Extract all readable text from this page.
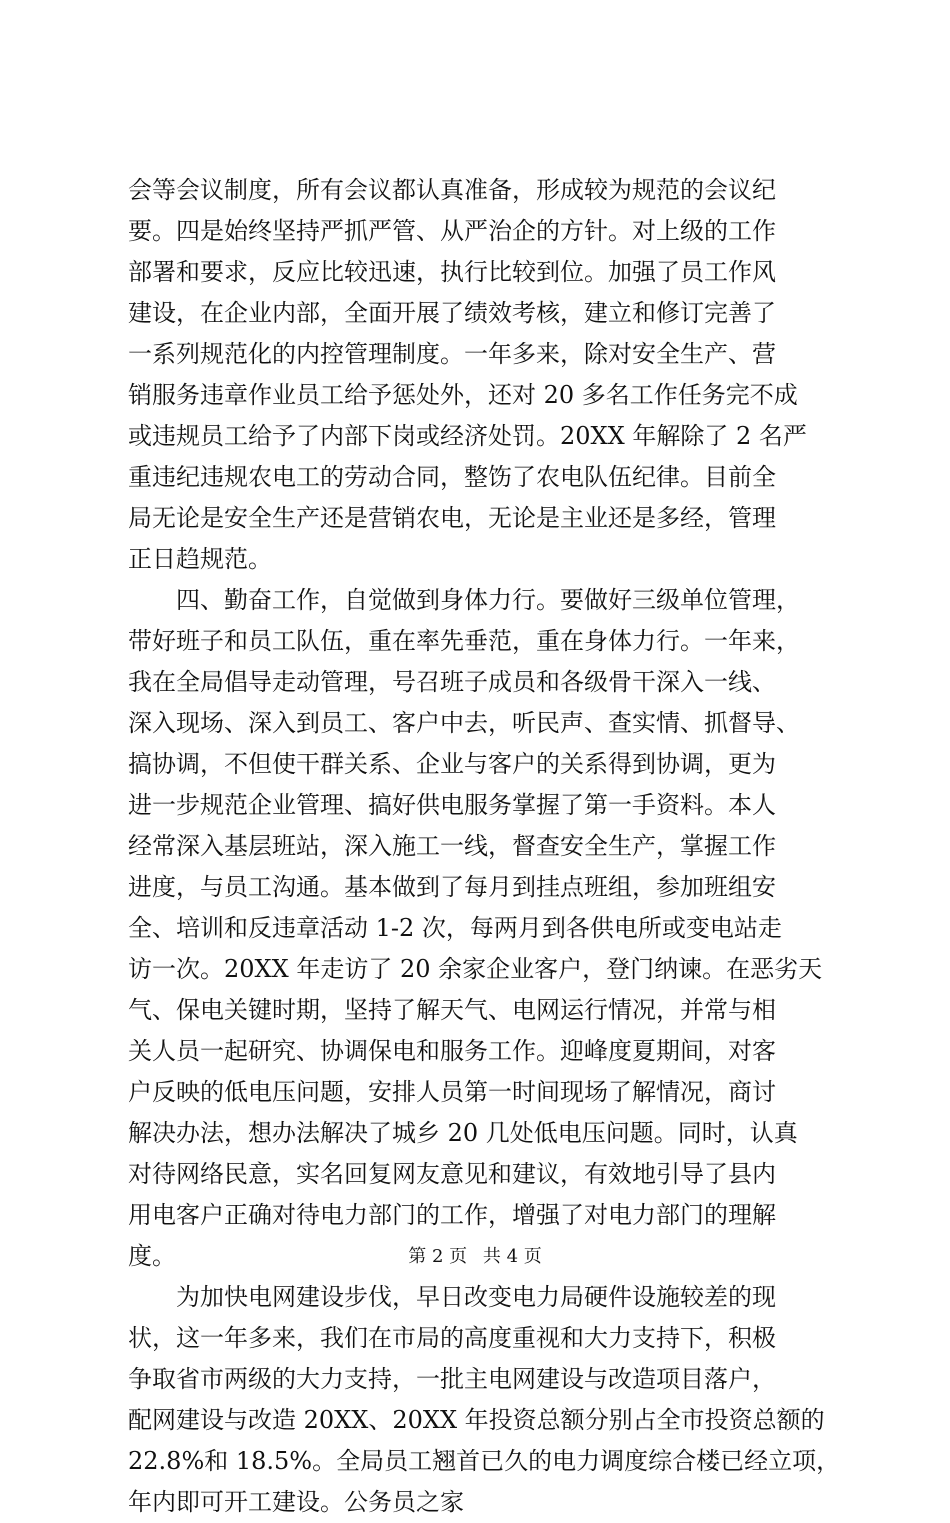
会等会议制度，所有会议都认真准备，形成较为规范的会议纪
要。四是始终坚持严抓严管、从严治企的方针。对上级的工作
部署和要求，反应比较迅速，执行比较到位。加强了员工作风
建设，在企业内部，全面开展了绩效考核，建立和修订完善了
一系列规范化的内控管理制度。一年多来，除对安全生产、营
销服务违章作业员工给予惩处外，还对 20 多名工作任务完不成
或违规员工给予了内部下岗或经济处罚。20XX 年解除了 2 名严
重违纪违规农电工的劳动合同，整饬了农电队伍纪律。目前全
局无论是安全生产还是营销农电，无论是主业还是多经，管理
正日趋规范。
　　四、勤奋工作，自觉做到身体力行。要做好三级单位管理，
带好班子和员工队伍，重在率先垂范，重在身体力行。一年来，
我在全局倡导走动管理，号召班子成员和各级骨干深入一线、
深入现场、深入到员工、客户中去，听民声、查实情、抓督导、
搞协调，不但使干群关系、企业与客户的关系得到协调，更为
进一步规范企业管理、搞好供电服务掌握了第一手资料。本人
经常深入基层班站，深入施工一线，督查安全生产，掌握工作
进度，与员工沟通。基本做到了每月到挂点班组，参加班组安
全、培训和反违章活动 1-2 次，每两月到各供电所或变电站走
访一次。20XX 年走访了 20 余家企业客户，登门纳谏。在恶劣天
气、保电关键时期，坚持了解天气、电网运行情况，并常与相
关人员一起研究、协调保电和服务工作。迎峰度夏期间，对客
户反映的低电压问题，安排人员第一时间现场了解情况，商讨
解决办法，想办法解决了城乡 20 几处低电压问题。同时，认真
对待网络民意，实名回复网友意见和建议，有效地引导了县内
用电客户正确对待电力部门的工作，增强了对电力部门的理解
度。
　　为加快电网建设步伐，早日改变电力局硬件设施较差的现
状，这一年多来，我们在市局的高度重视和大力支持下，积极
争取省市两级的大力支持，一批主电网建设与改造项目落户，
配网建设与改造 20XX、20XX 年投资总额分别占全市投资总额的
22.8%和 18.5%。全局员工翘首已久的电力调度综合楼已经立项，
年内即可开工建设。公务员之家
第 2 页 共 4 页
